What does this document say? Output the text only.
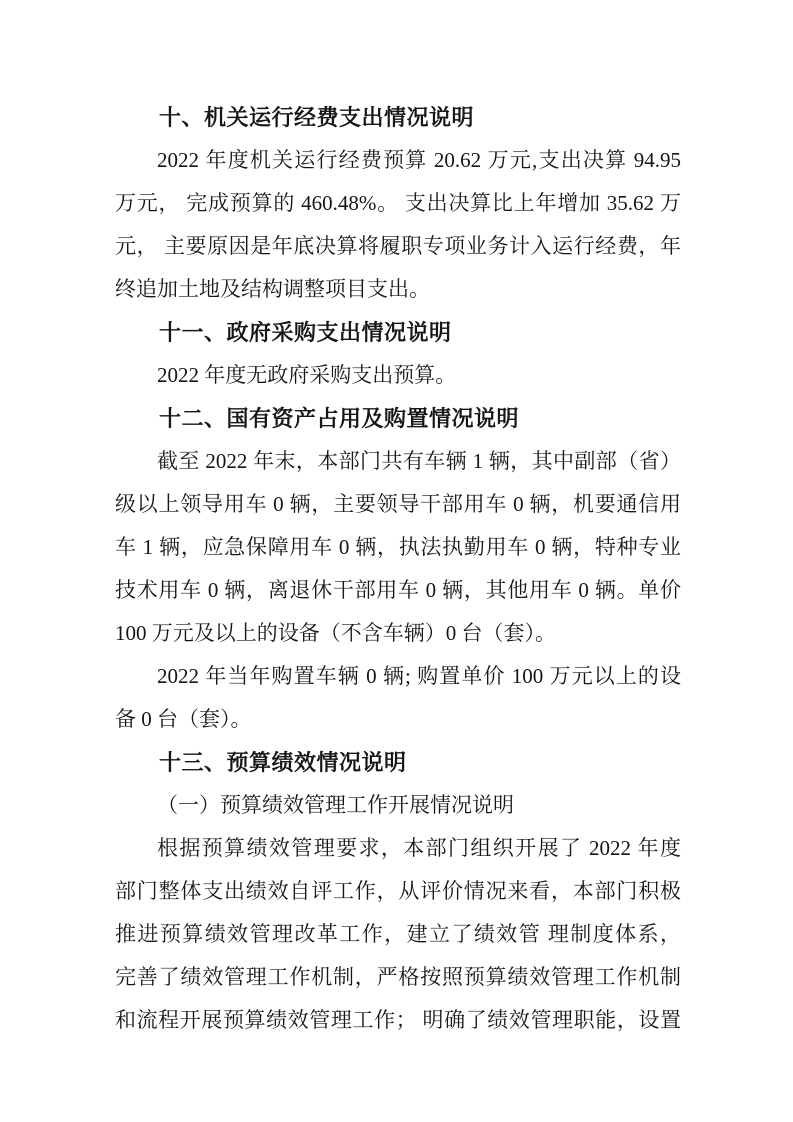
十、机关运行经费支出情况说明
2022 年度机关运行经费预算 20.62 万元,支出决算 94.95
万元， 完成预算的 460.48%。 支出决算比上年增加 35.62 万
元， 主要原因是年底决算将履职专项业务计入运行经费，年
终追加土地及结构调整项目支出。
十一、政府采购支出情况说明
2022 年度无政府采购支出预算。
十二、国有资产占用及购置情况说明
截至 2022 年末，本部门共有车辆 1 辆，其中副部（省）
级以上领导用车 0 辆，主要领导干部用车 0 辆，机要通信用
车 1 辆，应急保障用车 0 辆，执法执勤用车 0 辆，特种专业
技术用车 0 辆，离退休干部用车 0 辆，其他用车 0 辆。单价
100 万元及以上的设备（不含车辆）0 台（套）。
2022 年当年购置车辆 0 辆; 购置单价 100 万元以上的设
备 0 台（套）。
十三、预算绩效情况说明
（一）预算绩效管理工作开展情况说明
根据预算绩效管理要求，本部门组织开展了 2022 年度
部门整体支出绩效自评工作，从评价情况来看，本部门积极
推进预算绩效管理改革工作，建立了绩效管 理制度体系，
完善了绩效管理工作机制，严格按照预算绩效管理工作机制
和流程开展预算绩效管理工作； 明确了绩效管理职能，设置
